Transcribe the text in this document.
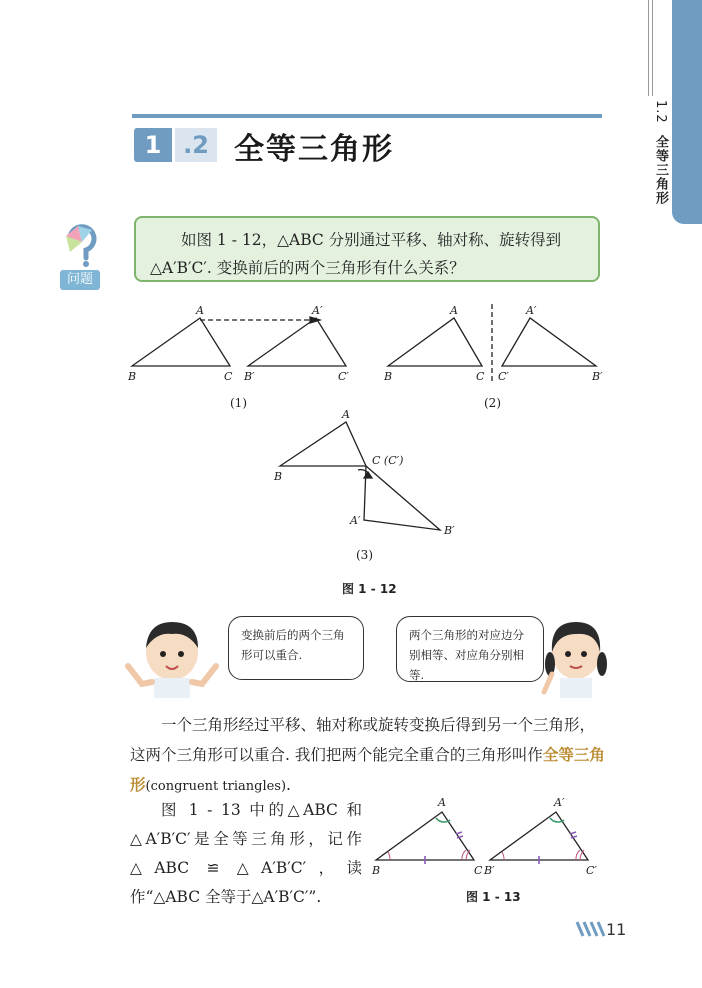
1.2 全等三角形
1 .2 全等三角形
问题

如图 1 - 12，△ABC 分别通过平移、轴对称、旋转得到△A′B′C′. 变换前后的两个三角形有什么关系？

A
B	C
A′
B′	C′
A
B	C
A′
C′	B′
(1)	(2)
A
B
C (C′)
A′
B′
(3)
图 1 - 12
变换前后的两个三角形可以重合.
两个三角形的对应边分别相等、对应角分别相等.

一个三角形经过平移、轴对称或旋转变换后得到另一个三角形，这两个三角形可以重合. 我们把两个能完全重合的三角形叫作全等三角形(congruent triangles).

图 1 - 13 中的△ABC 和△A′B′C′是全等三角形，记作△ABC ≌ △A′B′C′，读 作“△ABC 全等于△A′B′C′”.

A
B	C
A′
B′	C′
图 1 - 13
11
